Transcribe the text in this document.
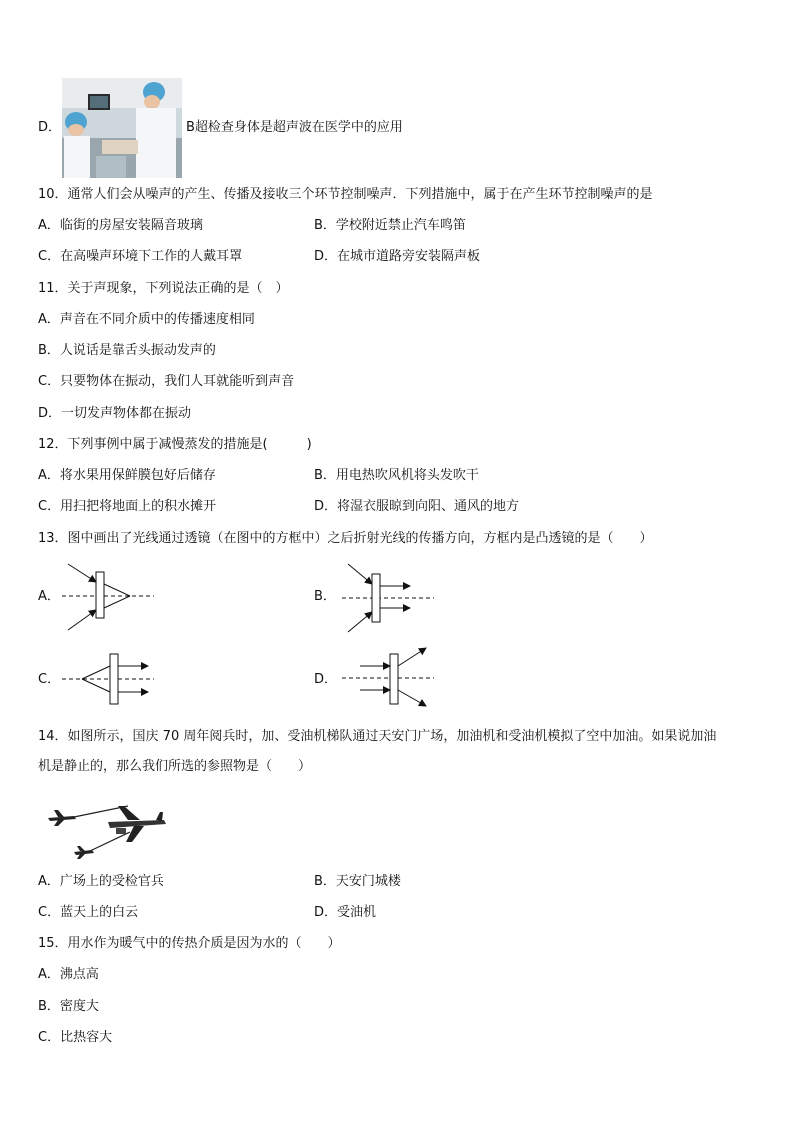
D．	B超检查身体是超声波在医学中的应用
10．通常人们会从噪声的产生、传播及接收三个环节控制噪声．下列措施中，属于在产生环节控制噪声的是
A．临街的房屋安装隔音玻璃	B．学校附近禁止汽车鸣笛
C．在高噪声环境下工作的人戴耳罩	D．在城市道路旁安装隔声板
11．关于声现象，下列说法正确的是（　）
A．声音在不同介质中的传播速度相同
B．人说话是靠舌头振动发声的
C．只要物体在振动，我们人耳就能听到声音
D．一切发声物体都在振动
12．下列事例中属于减慢蒸发的措施是(　　　)
A．将水果用保鲜膜包好后储存	B．用电热吹风机将头发吹干
C．用扫把将地面上的积水摊开	D．将湿衣服晾到向阳、通风的地方
13．图中画出了光线通过透镜（在图中的方框中）之后折射光线的传播方向，方框内是凸透镜的是（　　）
A．	B．
C．	D．
14．如图所示，国庆 70 周年阅兵时，加、受油机梯队通过天安门广场，加油机和受油机模拟了空中加油。如果说加油
机是静止的，那么我们所选的参照物是（　　）
A．广场上的受检官兵	B．天安门城楼
C．蓝天上的白云	D．受油机
15．用水作为暖气中的传热介质是因为水的（　　）
A．沸点高
B．密度大
C．比热容大
